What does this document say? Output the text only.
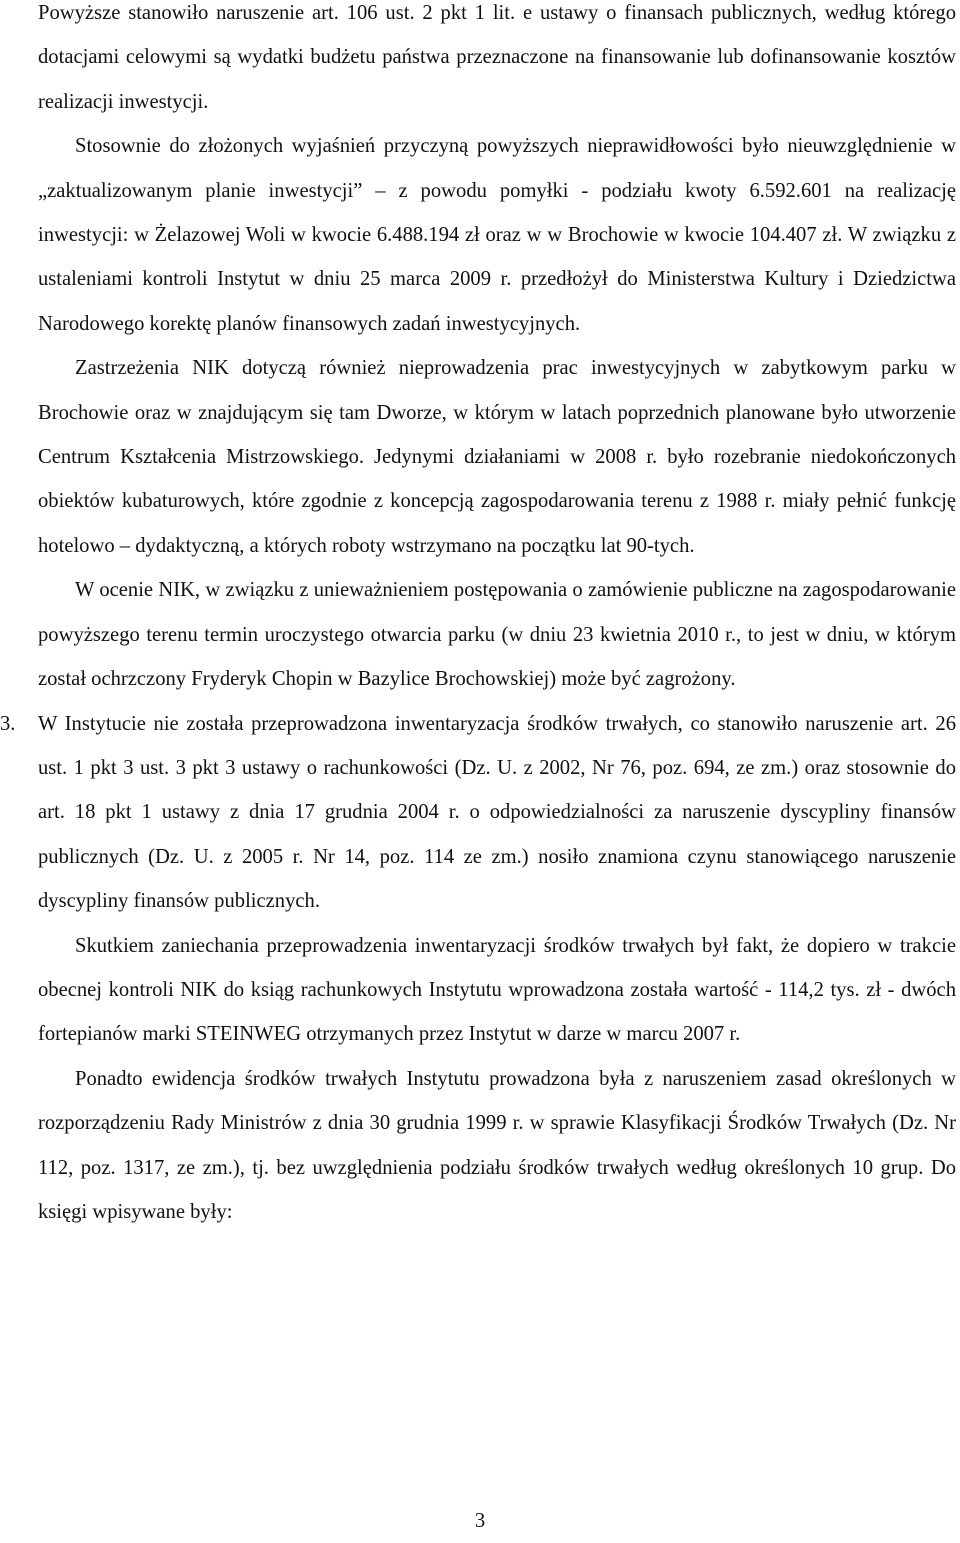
Powyższe stanowiło naruszenie art. 106 ust. 2 pkt 1 lit. e ustawy o finansach publicznych, według którego dotacjami celowymi są wydatki budżetu państwa przeznaczone na finansowanie lub dofinansowanie kosztów realizacji inwestycji.

Stosownie do złożonych wyjaśnień przyczyną powyższych nieprawidłowości było nieuwzględnienie w „zaktualizowanym planie inwestycji” – z powodu pomyłki - podziału kwoty 6.592.601 na realizację inwestycji: w Żelazowej Woli w kwocie 6.488.194 zł oraz w w Brochowie w kwocie 104.407 zł. W związku z ustaleniami kontroli Instytut w dniu 25 marca 2009 r. przedłożył do Ministerstwa Kultury i Dziedzictwa Narodowego korektę planów finansowych zadań inwestycyjnych.

Zastrzeżenia NIK dotyczą również nieprowadzenia prac inwestycyjnych w zabytkowym parku w Brochowie oraz w znajdującym się tam Dworze, w którym w latach poprzednich planowane było utworzenie Centrum Kształcenia Mistrzowskiego. Jedynymi działaniami w 2008 r. było rozebranie niedokończonych obiektów kubaturowych, które zgodnie z koncepcją zagospodarowania terenu z 1988 r. miały pełnić funkcję hotelowo – dydaktyczną, a których roboty wstrzymano na początku lat 90-tych.

W ocenie NIK, w związku z unieważnieniem postępowania o zamówienie publiczne na zagospodarowanie powyższego terenu termin uroczystego otwarcia parku (w dniu 23 kwietnia 2010 r., to jest w dniu, w którym został ochrzczony Fryderyk Chopin w Bazylice Brochowskiej) może być zagrożony.

3. W Instytucie nie została przeprowadzona inwentaryzacja środków trwałych, co stanowiło naruszenie art. 26 ust. 1 pkt 3 ust. 3 pkt 3 ustawy o rachunkowości (Dz. U. z 2002, Nr 76, poz. 694, ze zm.) oraz stosownie do art. 18 pkt 1 ustawy z dnia 17 grudnia 2004 r. o odpowiedzialności za naruszenie dyscypliny finansów publicznych (Dz. U. z 2005 r. Nr 14, poz. 114 ze zm.) nosiło znamiona czynu stanowiącego naruszenie dyscypliny finansów publicznych.

Skutkiem zaniechania przeprowadzenia inwentaryzacji środków trwałych był fakt, że dopiero w trakcie obecnej kontroli NIK do ksiąg rachunkowych Instytutu wprowadzona została wartość - 114,2 tys. zł - dwóch fortepianów marki STEINWEG otrzymanych przez Instytut w darze w marcu 2007 r.

Ponadto ewidencja środków trwałych Instytutu prowadzona była z naruszeniem zasad określonych w rozporządzeniu Rady Ministrów z dnia 30 grudnia 1999 r. w sprawie Klasyfikacji Środków Trwałych (Dz. Nr 112, poz. 1317, ze zm.), tj. bez uwzględnienia podziału środków trwałych według określonych 10 grup. Do księgi wpisywane były:

3
